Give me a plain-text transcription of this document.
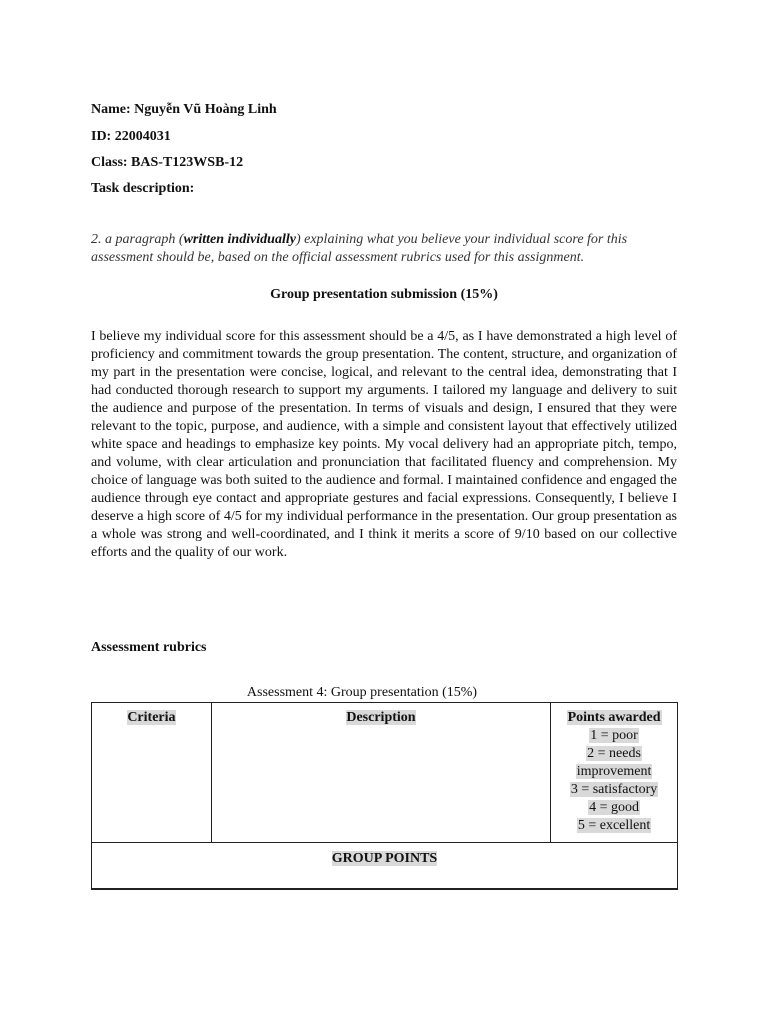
Name: Nguyễn Vũ Hoàng Linh
ID: 22004031
Class: BAS-T123WSB-12
Task description:
2. a paragraph (written individually) explaining what you believe your individual score for this assessment should be, based on the official assessment rubrics used for this assignment.
Group presentation submission (15%)

I believe my individual score for this assessment should be a 4/5, as I have demonstrated a high level of proficiency and commitment towards the group presentation. The content, structure, and organization of my part in the presentation were concise, logical, and relevant to the central idea, demonstrating that I had conducted thorough research to support my arguments. I tailored my language and delivery to suit the audience and purpose of the presentation. In terms of visuals and design, I ensured that they were relevant to the topic, purpose, and audience, with a simple and consistent layout that effectively utilized white space and headings to emphasize key points. My vocal delivery had an appropriate pitch, tempo, and volume, with clear articulation and pronunciation that facilitated fluency and comprehension. My choice of language was both suited to the audience and formal. I maintained confidence and engaged the audience through eye contact and appropriate gestures and facial expressions. Consequently, I believe I deserve a high score of 4/5 for my individual performance in the presentation. Our group presentation as a whole was strong and well-coordinated, and I think it merits a score of 9/10 based on our collective efforts and the quality of our work.

Assessment rubrics
Assessment 4: Group presentation (15%)
Criteria	Description	Points awarded
1 = poor
2 = needs
improvement
3 = satisfactory
4 = good
5 = excellent

GROUP POINTS
